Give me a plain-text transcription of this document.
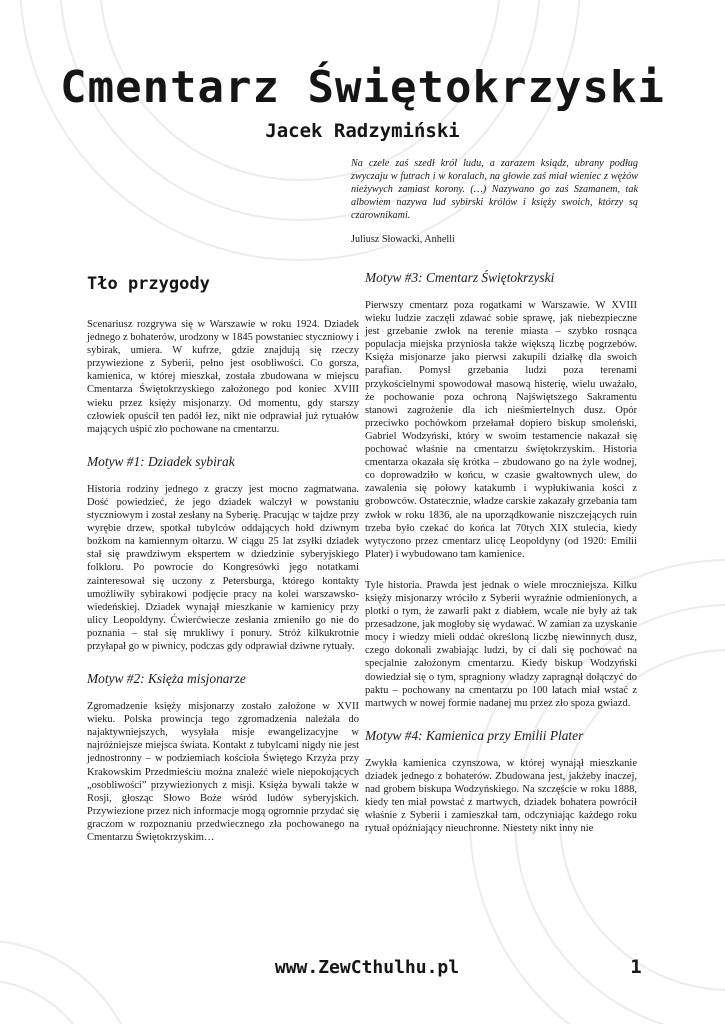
Cmentarz Świętokrzyski
Jacek Radzymiński
Na czele zaś szedł król ludu, a zarazem ksiądz, ubrany podług zwyczaju w futrach i w koralach, na głowie zaś miał wieniec z wężów nieżywych zamiast korony. (…) Nazywano go zaś Szamanem, tak albowiem nazywa lud sybirski królów i księży swoich, którzy są czarownikami.
Juliusz Słowacki, Anhelli
Tło przygody

Scenariusz rozgrywa się w Warszawie w roku 1924. Dziadek jednego z bohaterów, urodzony w 1845 powstaniec styczniowy i sybirak, umiera. W kufrze, gdzie znajdują się rzeczy przywiezione z Syberii, pełno jest osobliwości. Co gorsza, kamienica, w której mieszkał, została zbudowana w miejscu Cmentarza Świętokrzyskiego założonego pod koniec XVIII wieku przez księży misjonarzy. Od momentu, gdy starszy człowiek opuścił ten padół łez, nikt nie odprawiał już rytuałów mających uśpić zło pochowane na cmentarzu.

Motyw #1: Dziadek sybirak

Historia rodziny jednego z graczy jest mocno zagmatwana. Dość powiedzieć, że jego dziadek walczył w powstaniu styczniowym i został zesłany na Syberię. Pracując w tajdze przy wyrębie drzew, spotkał tubylców oddających hołd dziwnym bożkom na kamiennym ołtarzu. W ciągu 25 lat zsyłki dziadek stał się prawdziwym ekspertem w dziedzinie syberyjskiego folkloru. Po powrocie do Kongresówki jego notatkami zainteresował się uczony z Petersburga, którego kontakty umożliwiły sybirakowi podjęcie pracy na kolei warszawsko-wiedeńskiej. Dziadek wynajął mieszkanie w kamienicy przy ulicy Leopoldyny. Ćwierćwiecze zesłania zmieniło go nie do poznania – stał się mrukliwy i ponury. Stróż kilkukrotnie przyłapał go w piwnicy, podczas gdy odprawiał dziwne rytuały.

Motyw #2: Księża misjonarze

Zgromadzenie księży misjonarzy zostało założone w XVII wieku. Polska prowincja tego zgromadzenia należała do najaktywniejszych, wysyłała misje ewangelizacyjne w najróżniejsze miejsca świata. Kontakt z tubylcami nigdy nie jest jednostronny – w podziemiach kościoła Świętego Krzyża przy Krakowskim Przedmieściu można znaleźć wiele niepokojących „osobliwości” przywiezionych z misji. Księża bywali także w Rosji, głosząc Słowo Boże wśród ludów syberyjskich. Przywiezione przez nich informacje mogą ogromnie przydać się graczom w rozpoznaniu przedwiecznego zła pochowanego na Cmentarzu Świętokrzyskim…

Motyw #3: Cmentarz Świętokrzyski

Pierwszy cmentarz poza rogatkami w Warszawie. W XVIII wieku ludzie zaczęli zdawać sobie sprawę, jak niebezpieczne jest grzebanie zwłok na terenie miasta – szybko rosnąca populacja miejska przyniosła także większą liczbę pogrzebów. Księża misjonarze jako pierwsi zakupili działkę dla swoich parafian. Pomysł grzebania ludzi poza terenami przykościelnymi spowodował masową histerię, wielu uważało, że pochowanie poza ochroną Najświętszego Sakramentu stanowi zagrożenie dla ich nieśmiertelnych dusz. Opór przeciwko pochówkom przełamał dopiero biskup smoleński, Gabriel Wodzyński, który w swoim testamencie nakazał się pochować właśnie na cmentarzu świętokrzyskim. Historia cmentarza okazała się krótka – zbudowano go na żyle wodnej, co doprowadziło w końcu, w czasie gwałtownych ulew, do zawalenia się połowy katakumb i wypłukiwania kości z grobowców. Ostatecznie, władze carskie zakazały grzebania tam zwłok w roku 1836, ale na uporządkowanie niszczejących ruin trzeba było czekać do końca lat 70tych XIX stulecia, kiedy wytyczono przez cmentarz ulicę Leopoldyny (od 1920: Emilii Plater) i wybudowano tam kamienice.

Tyle historia. Prawda jest jednak o wiele mroczniejsza. Kilku księży misjonarzy wróciło z Syberii wyraźnie odmienionych, a plotki o tym, że zawarli pakt z diabłem, wcale nie były aż tak przesadzone, jak mogłoby się wydawać. W zamian za uzyskanie mocy i wiedzy mieli oddać określoną liczbę niewinnych dusz, czego dokonali zwabiając ludzi, by ci dali się pochować na specjalnie założonym cmentarzu. Kiedy biskup Wodzyński dowiedział się o tym, spragniony władzy zapragnął dołączyć do paktu – pochowany na cmentarzu po 100 latach miał wstać z martwych w nowej formie nadanej mu przez zło spoza gwiazd.

Motyw #4: Kamienica przy Emilii Plater

Zwykła kamienica czynszowa, w której wynajął mieszkanie dziadek jednego z bohaterów. Zbudowana jest, jakżeby inaczej, nad grobem biskupa Wodzyńskiego. Na szczęście w roku 1888, kiedy ten miał powstać z martwych, dziadek bohatera powrócił właśnie z Syberii i zamieszkał tam, odczyniając każdego roku rytuał opóźniający nieuchronne. Niestety nikt inny nie

www.ZewCthulhu.pl	1
